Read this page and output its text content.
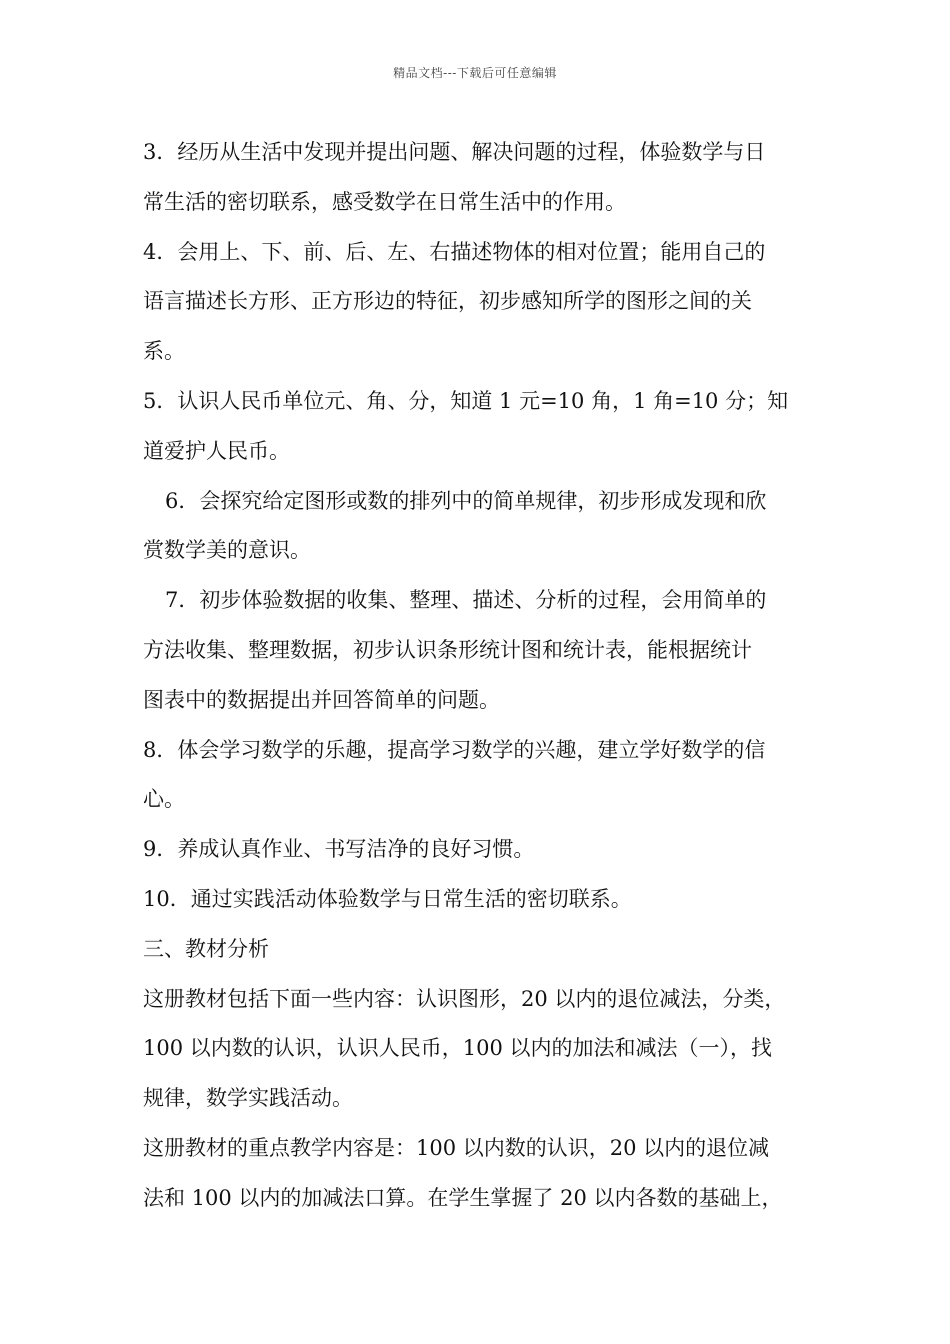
精品文档---下载后可任意编辑
3．经历从生活中发现并提出问题、解决问题的过程，体验数学与日
常生活的密切联系，感受数学在日常生活中的作用。
4．会用上、下、前、后、左、右描述物体的相对位置；能用自己的
语言描述长方形、正方形边的特征，初步感知所学的图形之间的关
系。
5．认识人民币单位元、角、分，知道 1 元=10 角，1 角=10 分；知
道爱护人民币。
6．会探究给定图形或数的排列中的简单规律，初步形成发现和欣
赏数学美的意识。
7．初步体验数据的收集、整理、描述、分析的过程，会用简单的
方法收集、整理数据，初步认识条形统计图和统计表，能根据统计
图表中的数据提出并回答简单的问题。
8．体会学习数学的乐趣，提高学习数学的兴趣，建立学好数学的信
心。
9．养成认真作业、书写洁净的良好习惯。
10．通过实践活动体验数学与日常生活的密切联系。
三、教材分析
这册教材包括下面一些内容：认识图形，20 以内的退位减法，分类，
100 以内数的认识，认识人民币，100 以内的加法和减法（一），找
规律，数学实践活动。
这册教材的重点教学内容是：100 以内数的认识，20 以内的退位减
法和 100 以内的加减法口算。在学生掌握了 20 以内各数的基础上，
